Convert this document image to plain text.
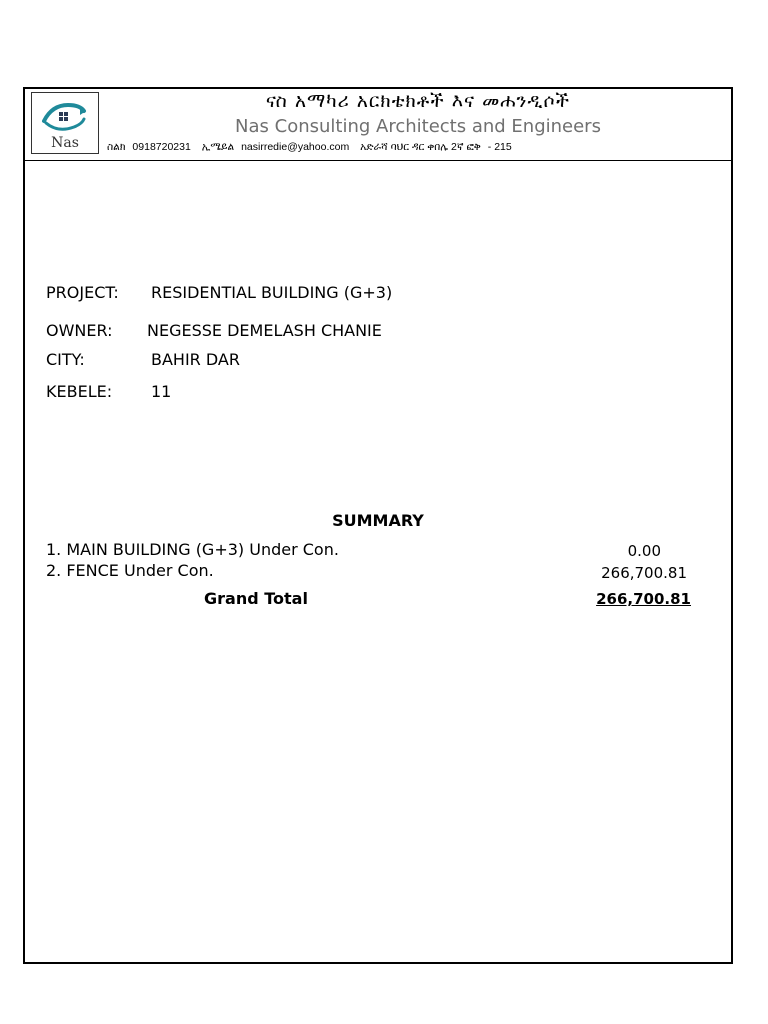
Nas
ናስ አማካሪ አርክቴክቶች እና መሐንዲሶች
Nas Consulting Architects and Engineers
ስልክ 0918720231 ኢሜይል nasirredie@yahoo.com አድራሻ ባህር ዳር ቀበሌ 2ኛ ፎቅ - 215
PROJECT: RESIDENTIAL BUILDING (G+3)
OWNER: NEGESSE DEMELASH CHANIE
CITY:	BAHIR DAR
KEBELE: 11
SUMMARY
1. MAIN BUILDING (G+3) Under Con.	0.00
2. FENCE Under Con.	266,700.81
Grand Total	266,700.81
